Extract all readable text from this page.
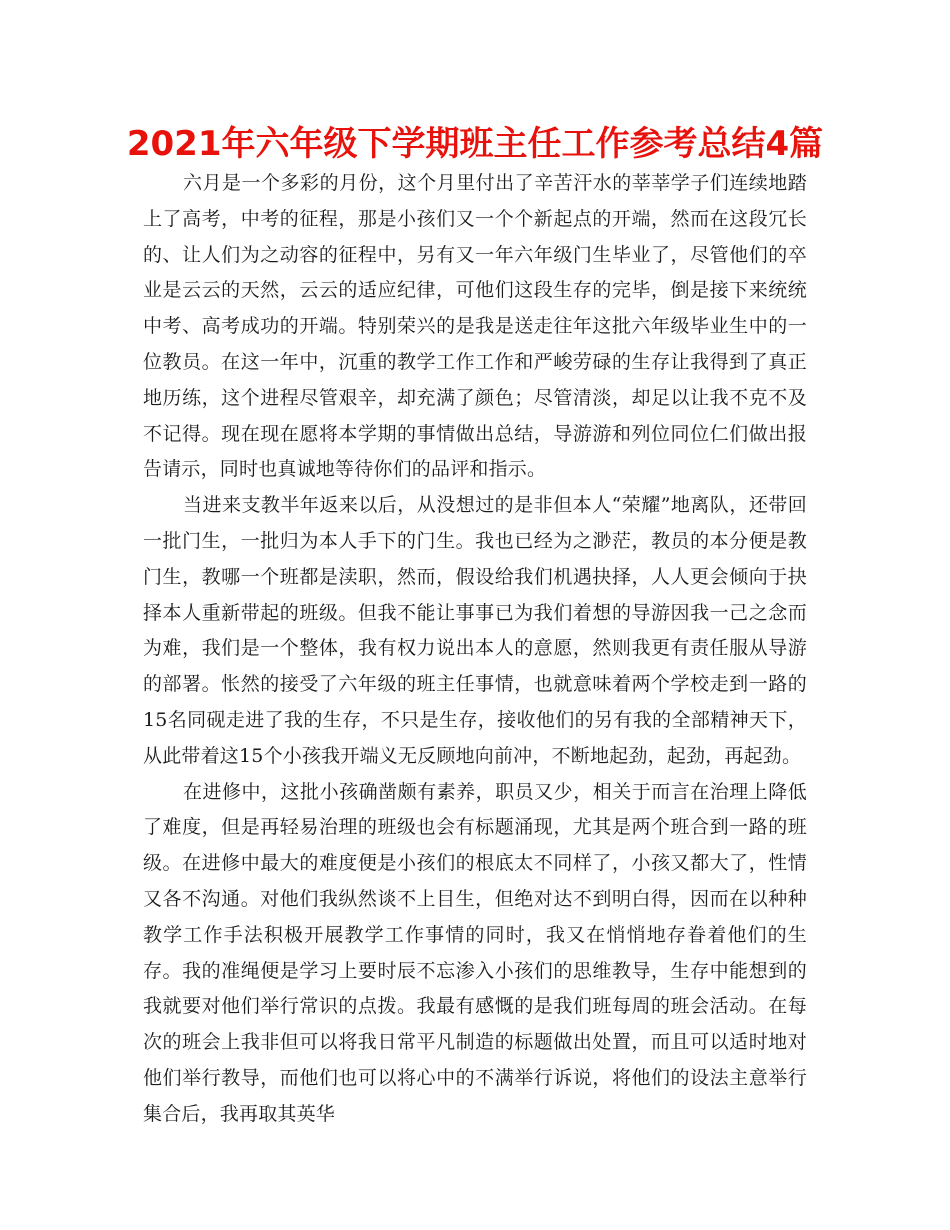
2021年六年级下学期班主任工作参考总结4篇

六月是一个多彩的月份，这个月里付出了辛苦汗水的莘莘学子们连续地踏上了高考，中考的征程，那是小孩们又一个个新起点的开端，然而在这段冗长的、让人们为之动容的征程中，另有又一年六年级门生毕业了，尽管他们的卒业是云云的天然，云云的适应纪律，可他们这段生存的完毕，倒是接下来统统中考、高考成功的开端。特别荣兴的是我是送走往年这批六年级毕业生中的一位教员。在这一年中，沉重的教学工作工作和严峻劳碌的生存让我得到了真正地历练，这个进程尽管艰辛，却充满了颜色；尽管清淡，却足以让我不克不及不记得。现在现在愿将本学期的事情做出总结，导游游和列位同位仁们做出报告请示，同时也真诚地等待你们的品评和指示。

当进来支教半年返来以后，从没想过的是非但本人“荣耀”地离队，还带回一批门生，一批归为本人手下的门生。我也已经为之渺茫，教员的本分便是教门生，教哪一个班都是渎职，然而，假设给我们机遇抉择，人人更会倾向于抉择本人重新带起的班级。但我不能让事事已为我们着想的导游因我一己之念而为难，我们是一个整体，我有权力说出本人的意愿，然则我更有责任服从导游的部署。怅然的接受了六年级的班主任事情，也就意味着两个学校走到一路的15名同砚走进了我的生存，不只是生存，接收他们的另有我的全部精神天下，从此带着这15个小孩我开端义无反顾地向前冲，不断地起劲，起劲，再起劲。

在进修中，这批小孩确凿颇有素养，职员又少，相关于而言在治理上降低了难度，但是再轻易治理的班级也会有标题涌现，尤其是两个班合到一路的班级。在进修中最大的难度便是小孩们的根底太不同样了，小孩又都大了，性情又各不沟通。对他们我纵然谈不上目生，但绝对达不到明白得，因而在以种种教学工作手法积极开展教学工作事情的同时，我又在悄悄地存眷着他们的生存。我的准绳便是学习上要时辰不忘渗入小孩们的思维教导，生存中能想到的我就要对他们举行常识的点拨。我最有感慨的是我们班每周的班会活动。在每次的班会上我非但可以将我日常平凡制造的标题做出处置，而且可以适时地对他们举行教导，而他们也可以将心中的不满举行诉说，将他们的设法主意举行集合后，我再取其英华
